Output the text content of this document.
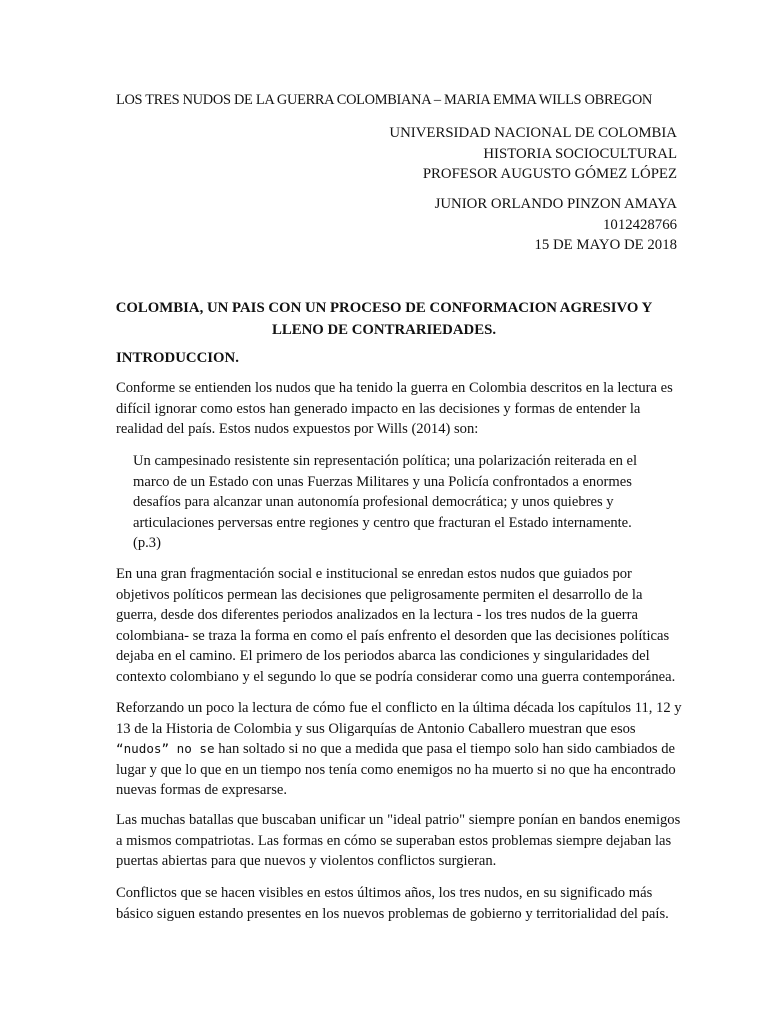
LOS TRES NUDOS DE LA GUERRA COLOMBIANA – MARIA EMMA WILLS OBREGON
UNIVERSIDAD NACIONAL DE COLOMBIA
HISTORIA SOCIOCULTURAL
PROFESOR AUGUSTO GÓMEZ LÓPEZ
JUNIOR ORLANDO PINZON AMAYA
1012428766
15 DE MAYO DE 2018
COLOMBIA, UN PAIS CON UN PROCESO DE CONFORMACION AGRESIVO Y
LLENO DE CONTRARIEDADES.
INTRODUCCION.
Conforme se entienden los nudos que ha tenido la guerra en Colombia descritos en la lectura es
difícil ignorar como estos han generado impacto en las decisiones y formas de entender la
realidad del país. Estos nudos expuestos por Wills (2014) son:
Un campesinado resistente sin representación política; una polarización reiterada en el
marco de un Estado con unas Fuerzas Militares y una Policía confrontados a enormes
desafíos para alcanzar unan autonomía profesional democrática; y unos quiebres y
articulaciones perversas entre regiones y centro que fracturan el Estado internamente.
(p.3)
En una gran fragmentación social e institucional se enredan estos nudos que guiados por
objetivos políticos permean las decisiones que peligrosamente permiten el desarrollo de la
guerra, desde dos diferentes periodos analizados en la lectura - los tres nudos de la guerra
colombiana- se traza la forma en como el país enfrento el desorden que las decisiones políticas
dejaba en el camino. El primero de los periodos abarca las condiciones y singularidades del
contexto colombiano y el segundo lo que se podría considerar como una guerra contemporánea.
Reforzando un poco la lectura de cómo fue el conflicto en la última década los capítulos 11, 12 y
13 de la Historia de Colombia y sus Oligarquías de Antonio Caballero muestran que esos
“nudos” no se han soltado si no que a medida que pasa el tiempo solo han sido cambiados de
lugar y que lo que en un tiempo nos tenía como enemigos no ha muerto si no que ha encontrado
nuevas formas de expresarse.
Las muchas batallas que buscaban unificar un "ideal patrio" siempre ponían en bandos enemigos
a mismos compatriotas. Las formas en cómo se superaban estos problemas siempre dejaban las
puertas abiertas para que nuevos y violentos conflictos surgieran.
Conflictos que se hacen visibles en estos últimos años, los tres nudos, en su significado más
básico siguen estando presentes en los nuevos problemas de gobierno y territorialidad del país.
